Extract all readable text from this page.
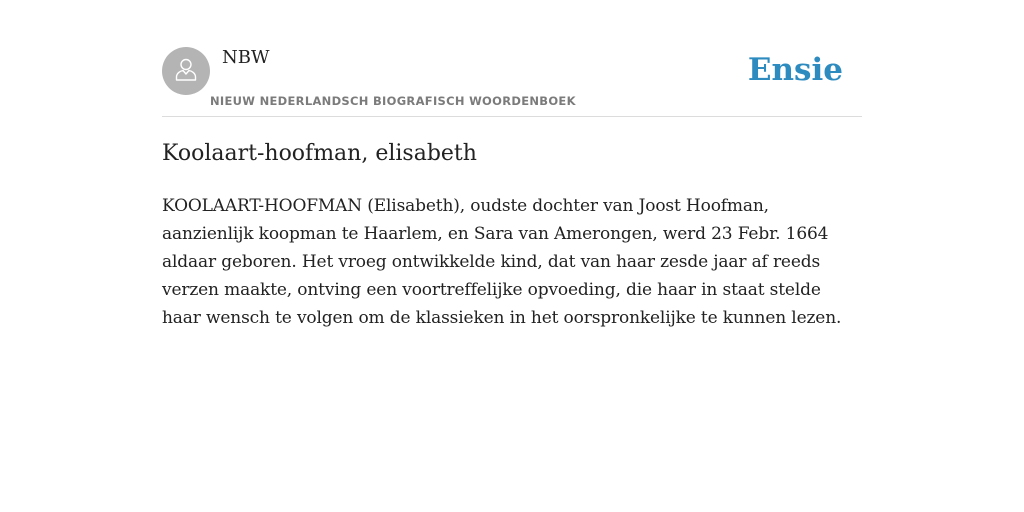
NBW
NIEUW NEDERLANDSCH BIOGRAFISCH WOORDENBOEK
Ensie
Koolaart-hoofman, elisabeth

KOOLAART-HOOFMAN (Elisabeth), oudste dochter van Joost Hoofman, aanzienlijk koopman te Haarlem, en Sara van Amerongen, werd 23 Febr. 1664 aldaar geboren. Het vroeg ontwikkelde kind, dat van haar zesde jaar af reeds verzen maakte, ontving een voortreffelijke opvoeding, die haar in staat stelde haar wensch te volgen om de klassieken in het oorspronkelijke te kunnen lezen.
